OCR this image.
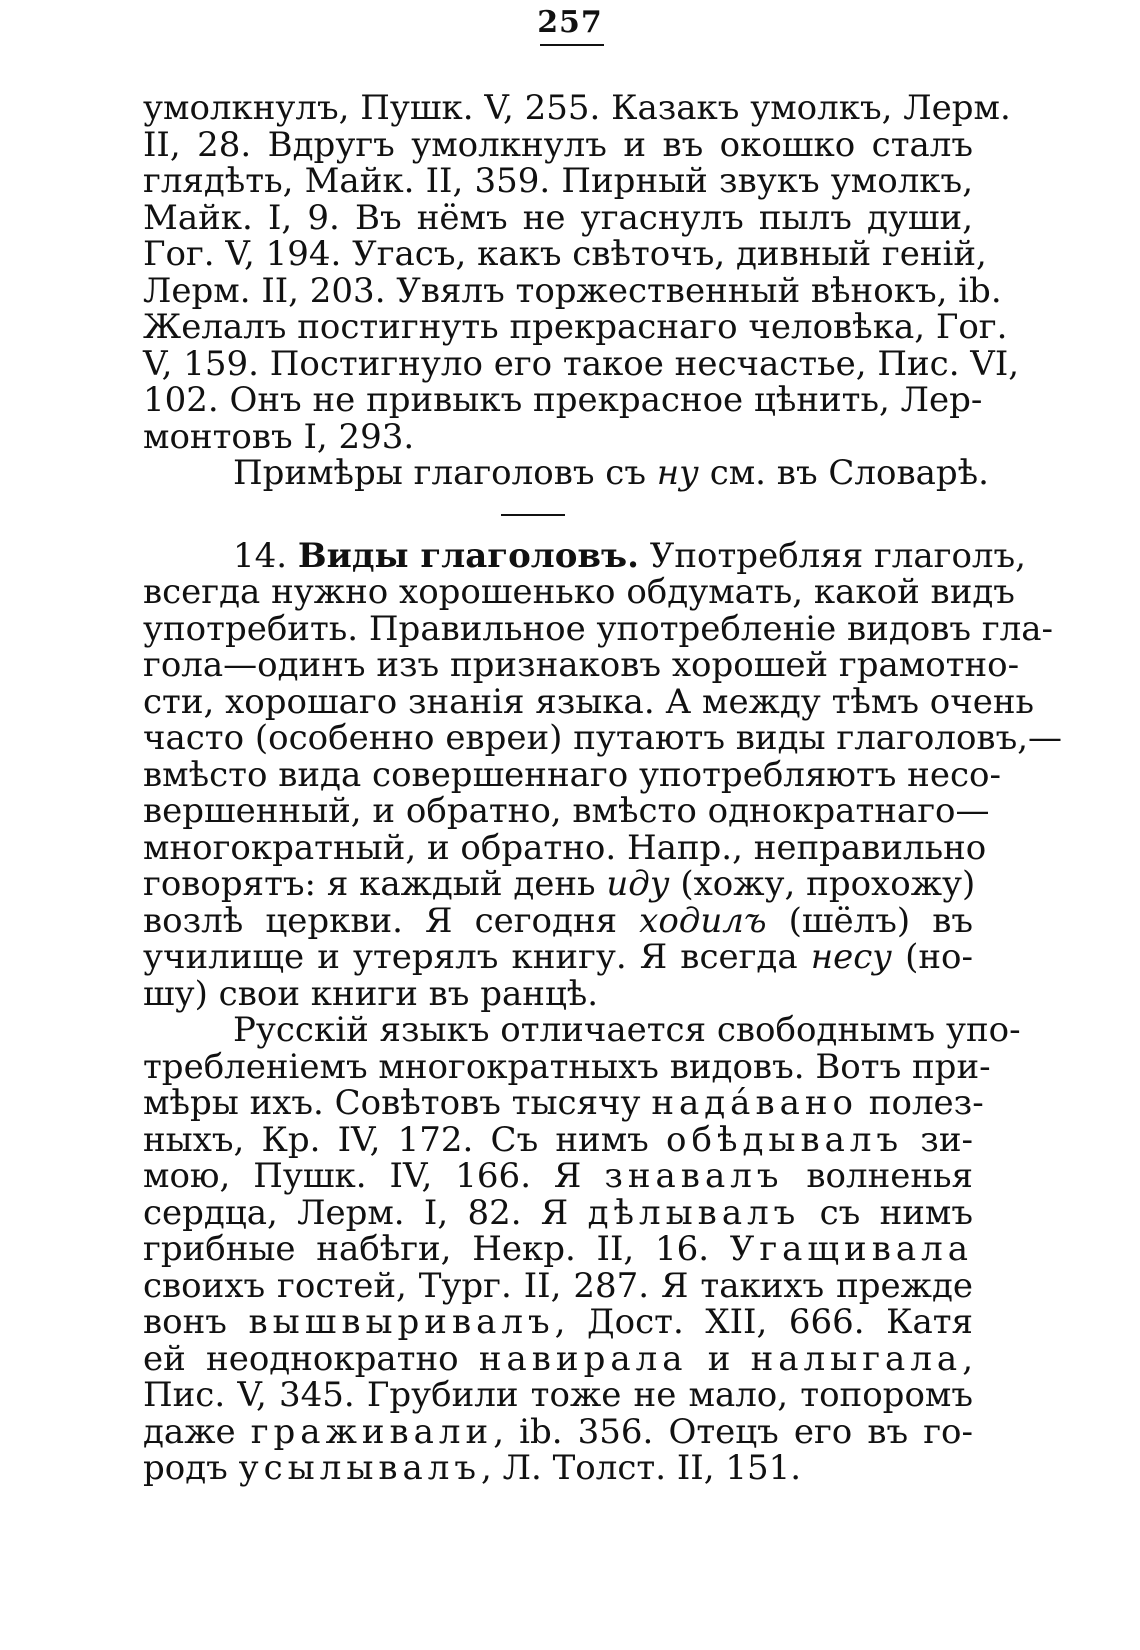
257
умолкнулъ, Пушк. V, 255. Казакъ умолкъ, Лерм.
II, 28. Вдругъ умолкнулъ и въ окошко сталъ
глядѣть, Майк. II, 359. Пирный звукъ умолкъ,
Майк. I, 9. Въ нёмъ не угаснулъ пылъ души,
Гог. V, 194. Угасъ, какъ свѣточъ, дивный геній,
Лерм. II, 203. Увялъ торжественный вѣнокъ, ib.
Желалъ постигнуть прекраснаго человѣка, Гог.
V, 159. Постигнуло его такое несчастье, Пис. VI,
102. Онъ не привыкъ прекрасное цѣнить, Лер-
монтовъ I, 293.
Примѣры глаголовъ съ ну см. въ Словарѣ.
14. Виды глаголовъ. Употребляя глаголъ,
всегда нужно хорошенько обдумать, какой видъ
употребить. Правильное употребленіе видовъ гла-
гола—одинъ изъ признаковъ хорошей грамотно-
сти, хорошаго знанія языка. А между тѣмъ очень
часто (особенно евреи) путаютъ виды глаголовъ,—
вмѣсто вида совершеннаго употребляютъ несо-
вершенный, и обратно, вмѣсто однократнаго—
многократный, и обратно. Напр., неправильно
говорятъ: я каждый день иду (хожу, прохожу)
возлѣ церкви. Я сегодня ходилъ (шёлъ) въ
училище и утерялъ книгу. Я всегда несу (но-
шу) свои книги въ ранцѣ.
Русскій языкъ отличается свободнымъ упо-
требленіемъ многократныхъ видовъ. Вотъ при-
мѣры ихъ. Совѣтовъ тысячу надáвано полез-
ныхъ, Кр. IV, 172. Съ нимъ обѣдывалъ зи-
мою, Пушк. IV, 166. Я знавалъ волненья
сердца, Лерм. I, 82. Я дѣлывалъ съ нимъ
грибные набѣги, Некр. II, 16. Угащивала
своихъ гостей, Тург. II, 287. Я такихъ прежде
вонъ вышвыривалъ, Дост. XII, 666. Катя
ей неоднократно навирала и налыгала,
Пис. V, 345. Грубили тоже не мало, топоромъ
даже граживали, ib. 356. Отецъ его въ го-
родъ усылывалъ, Л. Толст. II, 151.
